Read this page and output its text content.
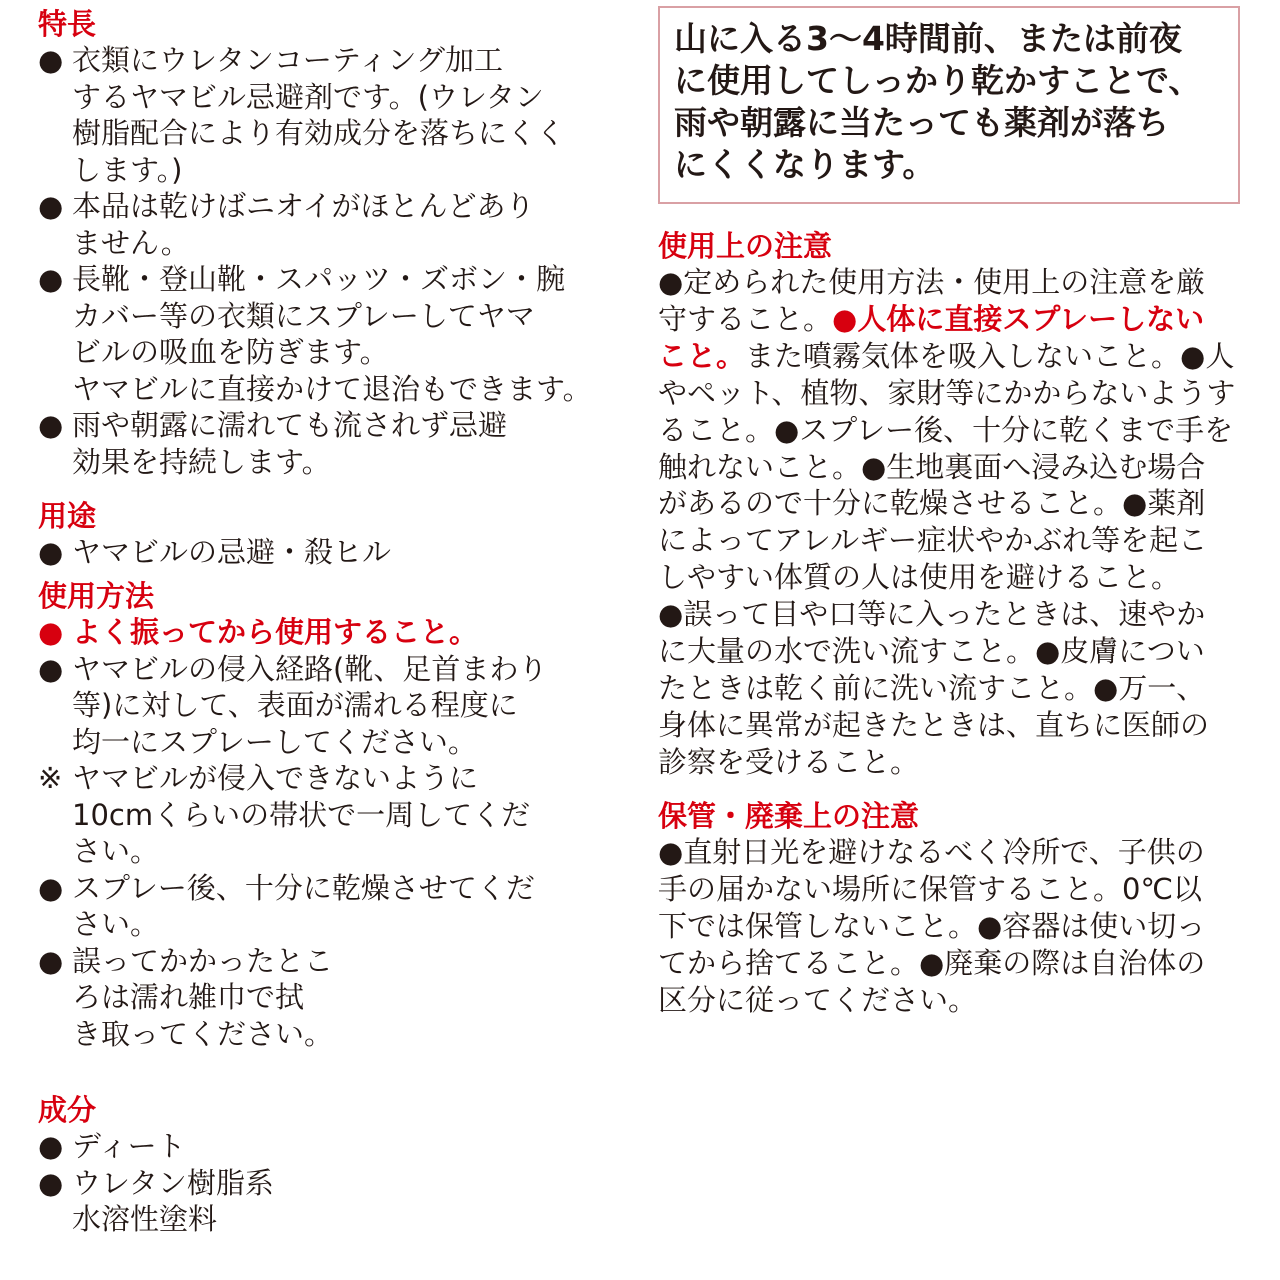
特長
● 衣類にウレタンコーティング加工
するヤマビル忌避剤です。(ウレタン
樹脂配合により有効成分を落ちにくく
します。)
● 本品は乾けばニオイがほとんどあり
ません。
● 長靴・登山靴・スパッツ・ズボン・腕
カバー等の衣類にスプレーしてヤマ
ビルの吸血を防ぎます。
ヤマビルに直接かけて退治もできます。
● 雨や朝露に濡れても流されず忌避
効果を持続します。
用途
● ヤマビルの忌避・殺ヒル
使用方法
● よく振ってから使用すること。
● ヤマビルの侵入経路(靴、足首まわり
等)に対して、表面が濡れる程度に
均一にスプレーしてください。
※ ヤマビルが侵入できないように
10cmくらいの帯状で一周してくだ
さい。
● スプレー後、十分に乾燥させてくだ
さい。
● 誤ってかかったとこ
ろは濡れ雑巾で拭
き取ってください。
成分
● ディート
● ウレタン樹脂系
水溶性塗料
山に入る3〜4時間前、または前夜
に使用してしっかり乾かすことで、
雨や朝露に当たっても薬剤が落ち
にくくなります。
使用上の注意
●定められた使用方法・使用上の注意を厳
守すること。●人体に直接スプレーしない
こと。また噴霧気体を吸入しないこと。●人
やペット、植物、家財等にかからないようす
ること。●スプレー後、十分に乾くまで手を
触れないこと。●生地裏面へ浸み込む場合
があるので十分に乾燥させること。●薬剤
によってアレルギー症状やかぶれ等を起こ
しやすい体質の人は使用を避けること。
●誤って目や口等に入ったときは、速やか
に大量の水で洗い流すこと。●皮膚につい
たときは乾く前に洗い流すこと。●万一、
身体に異常が起きたときは、直ちに医師の
診察を受けること。
保管・廃棄上の注意
●直射日光を避けなるべく冷所で、子供の
手の届かない場所に保管すること。0℃以
下では保管しないこと。●容器は使い切っ
てから捨てること。●廃棄の際は自治体の
区分に従ってください。
